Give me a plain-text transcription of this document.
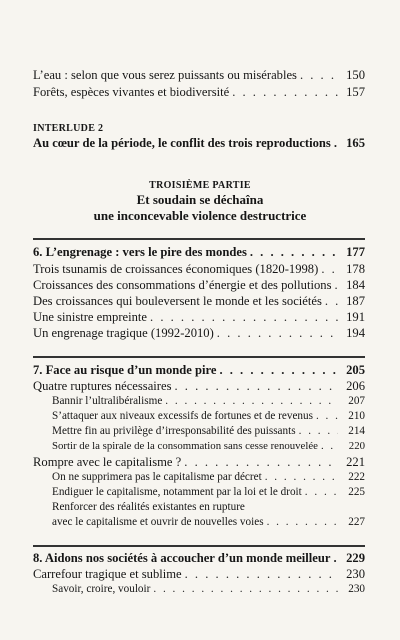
L’eau : selon que vous serez puissants ou misérables . . .	150
Forêts, espèces vivantes et biodiversité . . .	157
INTERLUDE 2
Au cœur de la période, le conflit des trois reproductions . . .	165
TROISIÈME PARTIE
Et soudain se déchaîna
une inconcevable violence destructrice
6. L’engrenage : vers le pire des mondes . . .	177
Trois tsunamis de croissances économiques (1820-1998) . . .	178
Croissances des consommations d’énergie et des pollutions . . .	184
Des croissances qui bouleversent le monde et les sociétés . . .	187
Une sinistre empreinte . . .	191
Un engrenage tragique (1992-2010) . . .	194
7. Face au risque d’un monde pire . . .	205
Quatre ruptures nécessaires . . .	206
Bannir l’ultralibéralisme . . .	207
S’attaquer aux niveaux excessifs de fortunes et de revenus . . .	210
Mettre fin au privilège d’irresponsabilité des puissants . . .	214
Sortir de la spirale de la consommation sans cesse renouvelée . . .	220
Rompre avec le capitalisme ? . . .	221
On ne supprimera pas le capitalisme par décret . . .	222
Endiguer le capitalisme, notamment par la loi et le droit . . .	225
Renforcer des réalités existantes en rupture
avec le capitalisme et ouvrir de nouvelles voies . . .	227
8. Aidons nos sociétés à accoucher d’un monde meilleur . . .	229
Carrefour tragique et sublime . . .	230
Savoir, croire, vouloir . . .	230
